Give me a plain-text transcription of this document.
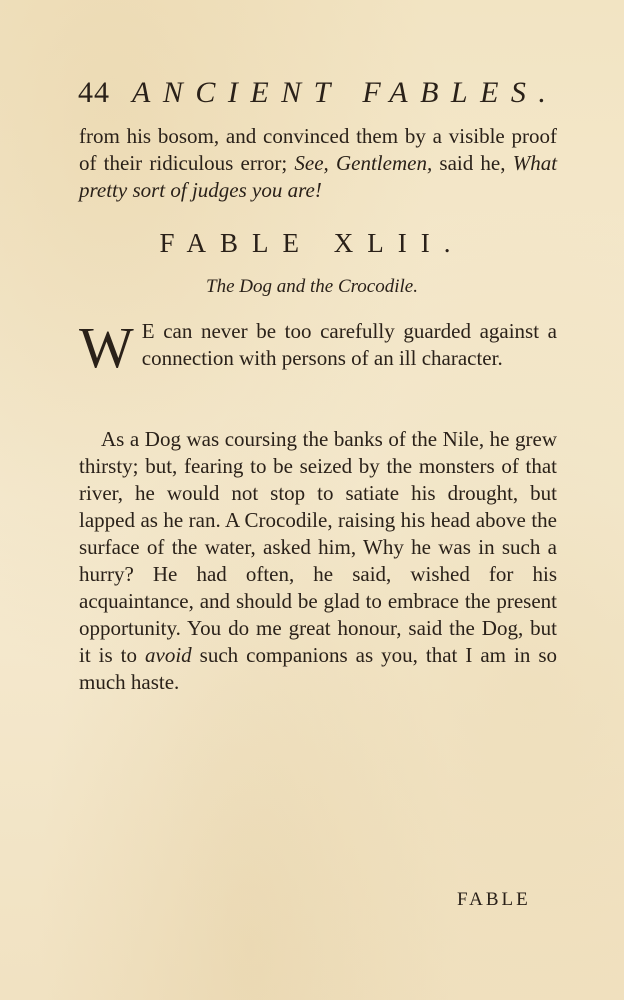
44 ANCIENT FABLES.

from his bosom, and convinced them by a visible proof of their ridiculous error; See, Gentlemen, said he, What pretty sort of judges you are!

FABLE XLII.
The Dog and the Crocodile.
W E can never be too carefully guarded against a connection with persons of an ill character.

As a Dog was coursing the banks of the Nile, he grew thirsty; but, fearing to be seized by the monsters of that river, he would not stop to satiate his drought, but lapped as he ran. A Crocodile, raising his head above the surface of the water, asked him, Why he was in such a hurry? He had often, he said, wished for his acquaintance, and should be glad to embrace the present opportunity. You do me great honour, said the Dog, but it is to avoid such companions as you, that I am in so much haste.

FABLE
